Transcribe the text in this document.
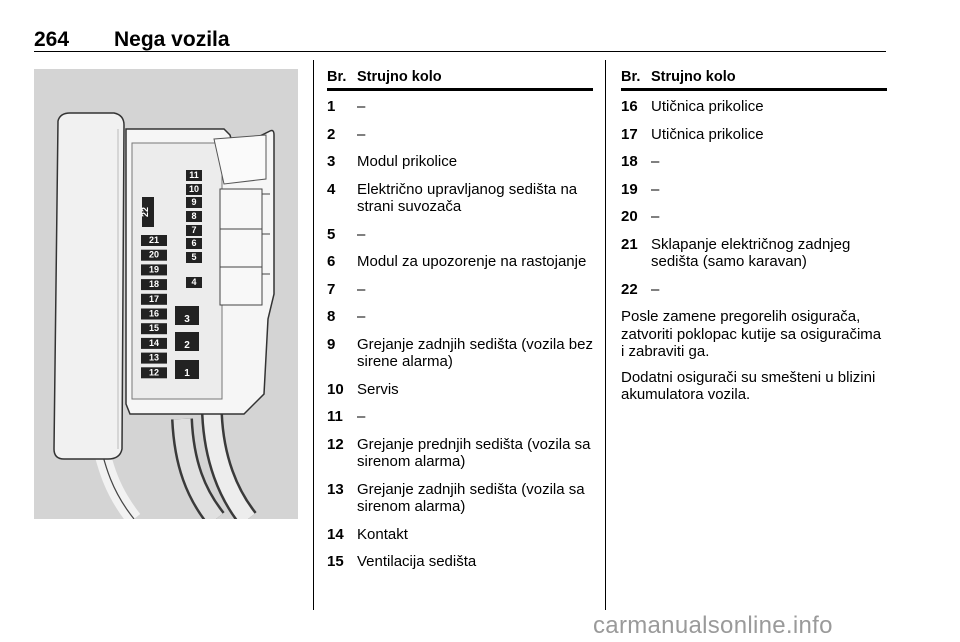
264 Nega vozila
22
11
10
9
8
7
6
5
4
21
20
19
18
17
16
15
14
13
12
3
2
1
Br. Strujno kolo
1	–
2	–
3	Modul prikolice
4	Električno upravljanog sedišta na strani suvozača
5	–
6	Modul za upozorenje na rastojanje
7	–
8	–
9	Grejanje zadnjih sedišta (vozila bez sirene alarma)
10 Servis
11 –
12 Grejanje prednjih sedišta (vozila sa sirenom alarma)
13 Grejanje zadnjih sedišta (vozila sa sirenom alarma)
14 Kontakt
15 Ventilacija sedišta
Br. Strujno kolo
16 Utičnica prikolice
17 Utičnica prikolice
18 –
19 –
20 –
21 Sklapanje električnog zadnjeg sedišta (samo karavan)
22 –
Posle zamene pregorelih osigurača, zatvoriti poklopac kutije sa osiguračima i zabraviti ga.
Dodatni osigurači su smešteni u blizini akumulatora vozila.
carmanualsonline.info
